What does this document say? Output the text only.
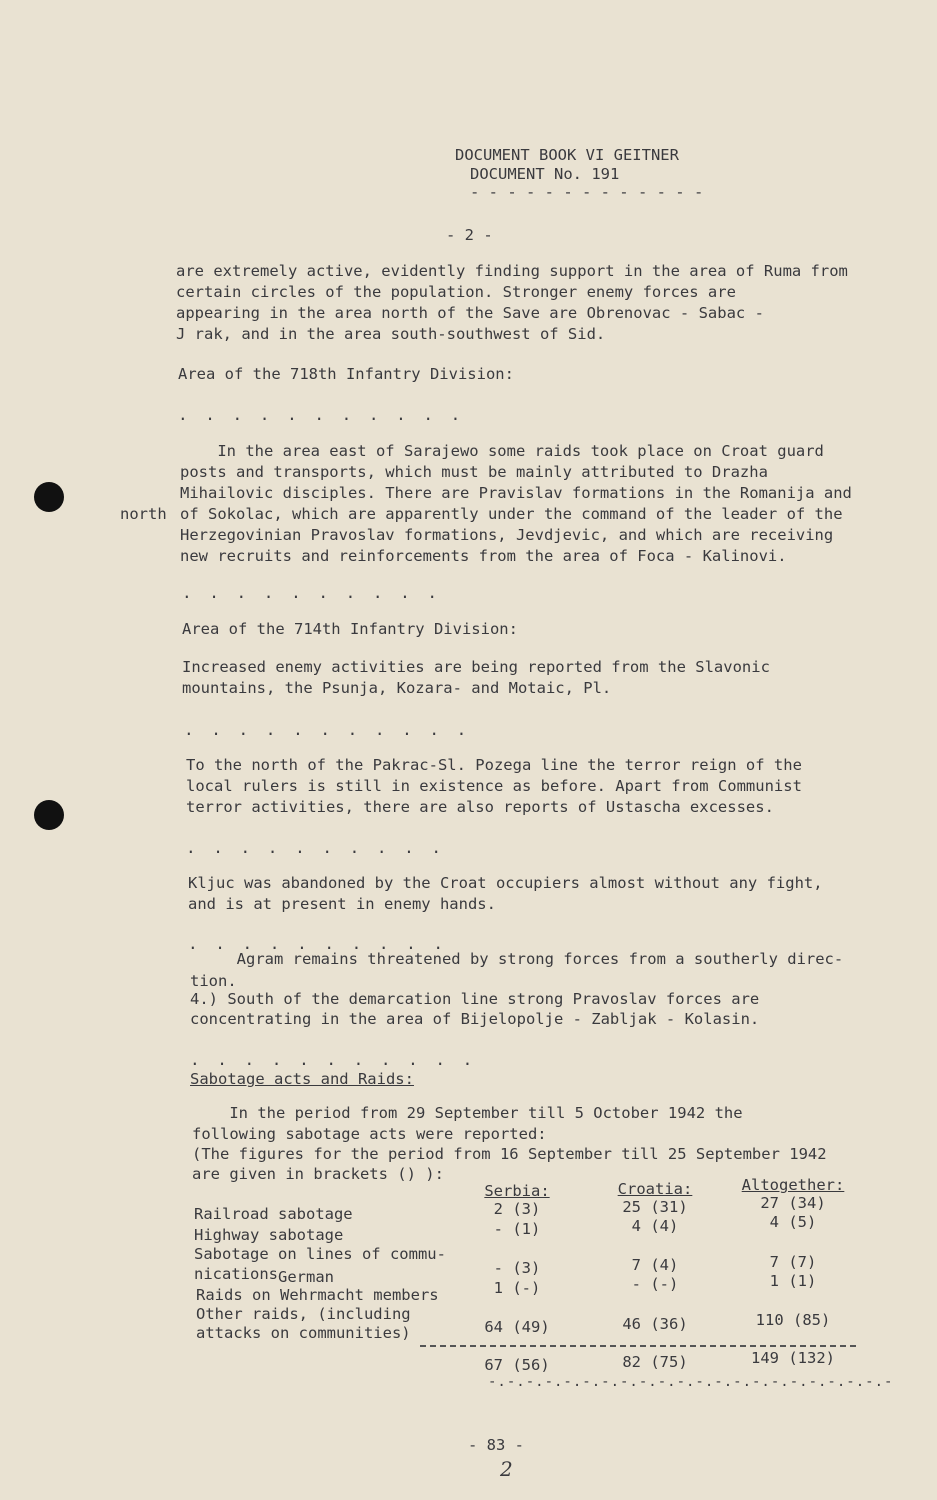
DOCUMENT BOOK VI GEITNER
DOCUMENT No. 191
- - - - - - - - - - - - -
- 2 -
are extremely active, evidently finding support in the area of Ruma from
certain circles of the population. Stronger enemy forces are
appearing in the area north of the Save are Obrenovac - Sabac -
J rak, and in the area south-southwest of Sid.
Area of the 718th Infantry Division:
. . . . . . . . . . .
In the area east of Sarajewo some raids took place on Croat guard
posts and transports, which must be mainly attributed to Drazha
Mihailovic disciples. There are Pravislav formations in the Romanija and
of Sokolac, which are apparently under the command of the leader of the
Herzegovinian Pravoslav formations, Jevdjevic, and which are receiving
new recruits and reinforcements from the area of Foca - Kalinovi.
north
. . . . . . . . . .
Area of the 714th Infantry Division:
Increased enemy activities are being reported from the Slavonic
mountains, the Psunja, Kozara- and Motaic, Pl.
. . . . . . . . . . .
To the north of the Pakrac-Sl. Pozega line the terror reign of the
local rulers is still in existence as before. Apart from Communist
terror activities, there are also reports of Ustascha excesses.
. . . . . . . . . .
Kljuc was abandoned by the Croat occupiers almost without any fight,
and is at present in enemy hands.
. . . . . . . . . .
Agram remains threatened by strong forces from a southerly direc-
tion.
4.) South of the demarcation line strong Pravoslav forces are
concentrating in the area of Bijelopolje - Zabljak - Kolasin.
. . . . . . . . . . .
Sabotage acts and Raids:
In the period from 29 September till 5 October 1942 the
following sabotage acts were reported:
(The figures for the period from 16 September till 25 September 1942
are given in brackets () ):
Serbia:	Croatia:	Altogether:
Railroad sabotage	2 (3)	25 (31)	27 (34)
Highway sabotage	- (1)	4 (4)	4 (5)
Sabotage on lines of commu-
nications German	- (3)	7 (4)	7 (7)
Raids on Wehrmacht members	1 (-)	- (-)	1 (1)
Other raids, (including
attacks on communities)	64 (49)	46 (36)	110 (85)
67 (56)	82 (75)	149 (132)
-.-.-.-.-.-.-.-.-.-.-.-.-.-.-.-.-.-.-.-.-.-
- 83 -
2
